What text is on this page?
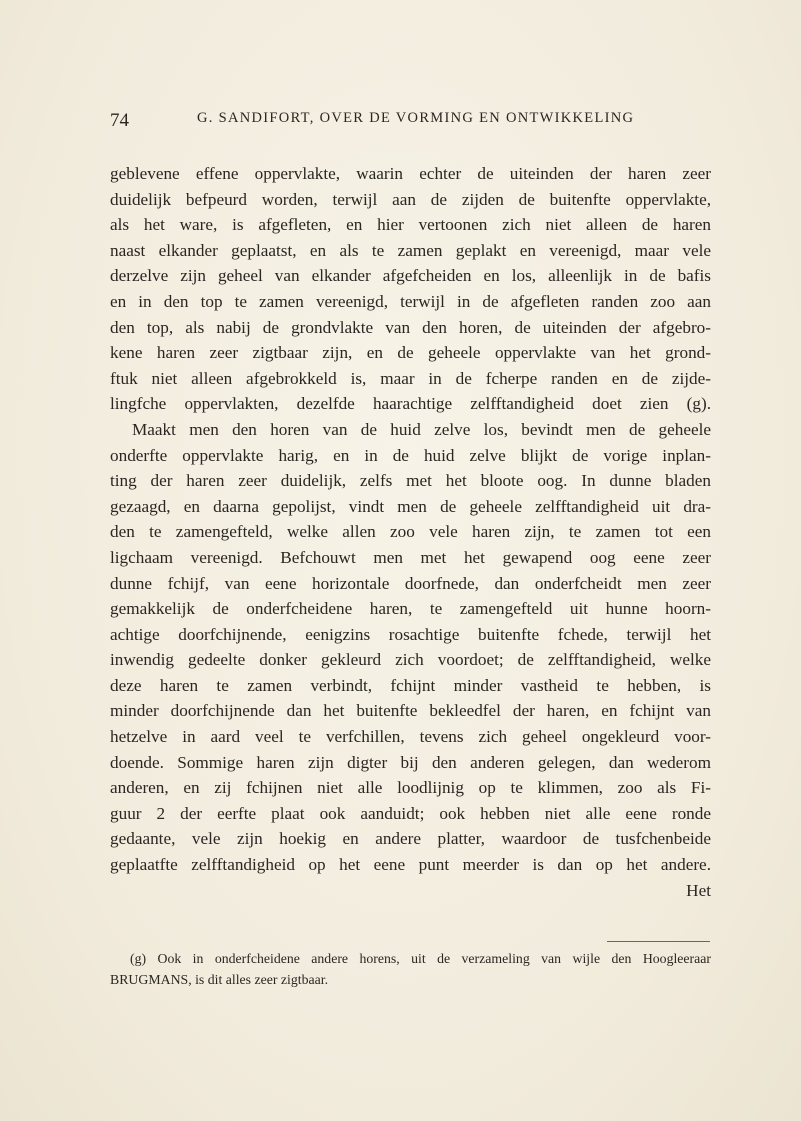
74	G. SANDIFORT, OVER DE VORMING EN ONTWIKKELING
geblevene effene oppervlakte, waarin echter de uiteinden der haren zeer
duidelijk befpeurd worden, terwijl aan de zijden de buitenfte oppervlakte,
als het ware, is afgefleten, en hier vertoonen zich niet alleen de haren
naast elkander geplaatst, en als te zamen geplakt en vereenigd, maar vele
derzelve zijn geheel van elkander afgefcheiden en los, alleenlijk in de bafis
en in den top te zamen vereenigd, terwijl in de afgefleten randen zoo aan
den top, als nabij de grondvlakte van den horen, de uiteinden der afgebro-
kene haren zeer zigtbaar zijn, en de geheele oppervlakte van het grond-
ftuk niet alleen afgebrokkeld is, maar in de fcherpe randen en de zijde-
lingfche oppervlakten, dezelfde haarachtige zelfftandigheid doet zien (g).
Maakt men den horen van de huid zelve los, bevindt men de geheele
onderfte oppervlakte harig, en in de huid zelve blijkt de vorige inplan-
ting der haren zeer duidelijk, zelfs met het bloote oog. In dunne bladen
gezaagd, en daarna gepolijst, vindt men de geheele zelfftandigheid uit dra-
den te zamengefteld, welke allen zoo vele haren zijn, te zamen tot een
ligchaam vereenigd. Befchouwt men met het gewapend oog eene zeer
dunne fchijf, van eene horizontale doorfnede, dan onderfcheidt men zeer
gemakkelijk de onderfcheidene haren, te zamengefteld uit hunne hoorn-
achtige doorfchijnende, eenigzins rosachtige buitenfte fchede, terwijl het
inwendig gedeelte donker gekleurd zich voordoet; de zelfftandigheid, welke
deze haren te zamen verbindt, fchijnt minder vastheid te hebben, is
minder doorfchijnende dan het buitenfte bekleedfel der haren, en fchijnt van
hetzelve in aard veel te verfchillen, tevens zich geheel ongekleurd voor-
doende. Sommige haren zijn digter bij den anderen gelegen, dan wederom
anderen, en zij fchijnen niet alle loodlijnig op te klimmen, zoo als Fi-
guur 2 der eerfte plaat ook aanduidt; ook hebben niet alle eene ronde
gedaante, vele zijn hoekig en andere platter, waardoor de tusfchenbeide
geplaatfte zelfftandigheid op het eene punt meerder is dan op het andere.
Het
(g) Ook in onderfcheidene andere horens, uit de verzameling van wijle den Hoogleeraar
BRUGMANS, is dit alles zeer zigtbaar.
